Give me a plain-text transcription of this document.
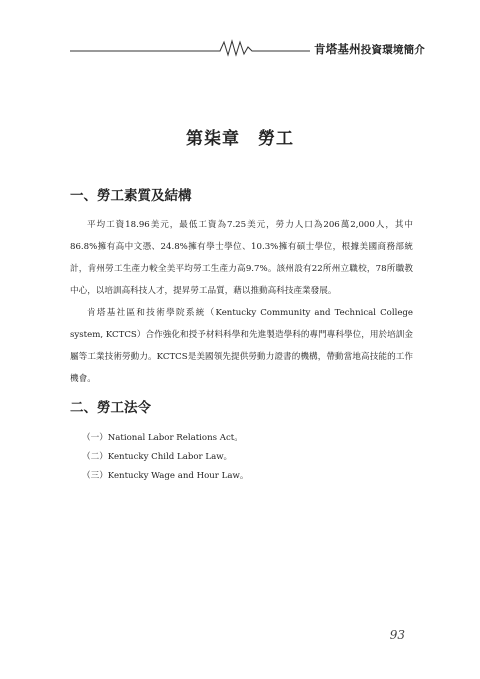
肯塔基州投資環境簡介
第柒章　勞工
一、勞工素質及結構

平均工資18.96美元，最低工資為7.25美元，勞力人口為206萬2,000人，其中86.8%擁有高中文憑、24.8%擁有學士學位、10.3%擁有碩士學位，根據美國商務部統計，肯州勞工生產力較全美平均勞工生產力高9.7%。該州設有22所州立職校，78所職教中心，以培訓高科技人才，提昇勞工品質，藉以推動高科技產業發展。

肯塔基社區和技術學院系統（Kentucky Community and Technical College system, KCTCS）合作強化和授予材料科學和先進製造學科的專門專科學位，用於培訓金屬等工業技術勞動力。KCTCS是美國領先提供勞動力證書的機構，帶動當地高技能的工作機會。

二、勞工法令
（一）National Labor Relations Act。
（二）Kentucky Child Labor Law。
（三）Kentucky Wage and Hour Law。
93
